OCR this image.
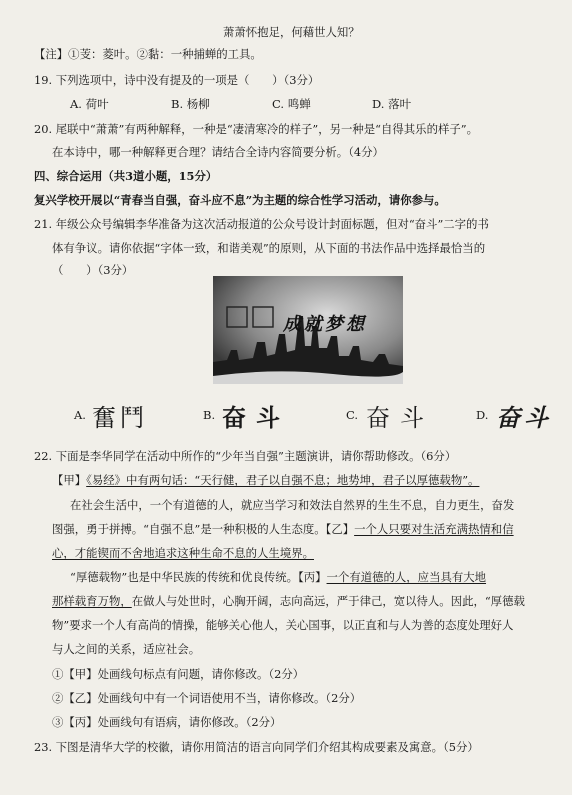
萧萧怀抱足，何藉世人知？
【注】①芰：菱叶。②黏：一种捕蝉的工具。
19. 下列选项中，诗中没有提及的一项是（　　）（3分）
A. 荷叶	B. 杨柳	C. 鸣蝉	D. 落叶
20. 尾联中“萧萧”有两种解释，一种是“凄清寒冷的样子”，另一种是“自得其乐的样子”。
在本诗中，哪一种解释更合理？请结合全诗内容简要分析。（4分）
四、综合运用（共3道小题，15分）
复兴学校开展以“青春当自强，奋斗应不息”为主题的综合性学习活动，请你参与。
21. 年级公众号编辑李华准备为这次活动报道的公众号设计封面标题，但对“奋斗”二字的书
体有争议。请你依据“字体一致，和谐美观”的原则，从下面的书法作品中选择最恰当的
（　　）（3分）
成就梦想
A. 奮鬥	B. 奋斗	C. 奋斗	D. 奋斗
22. 下面是李华同学在活动中所作的“少年当自强”主题演讲，请你帮助修改。（6分）
【甲】《易经》中有两句话：“天行健，君子以自强不息；地势坤，君子以厚德载物”。
在社会生活中，一个有道德的人，就应当学习和效法自然界的生生不息，自力更生，奋发
图强，勇于拼搏。“自强不息”是一种积极的人生态度。【乙】一个人只要对生活充满热情和信
心，才能锲而不舍地追求这种生命不息的人生境界。
“厚德载物”也是中华民族的传统和优良传统。【丙】一个有道德的人，应当具有大地
那样载育万物，在做人与处世时，心胸开阔，志向高远，严于律己，宽以待人。因此，“厚德载
物”要求一个人有高尚的情操，能够关心他人，关心国事，以正直和与人为善的态度处理好人
与人之间的关系，适应社会。
①【甲】处画线句标点有问题，请你修改。（2分）
②【乙】处画线句中有一个词语使用不当，请你修改。（2分）
③【丙】处画线句有语病，请你修改。（2分）
23. 下图是清华大学的校徽，请你用简洁的语言向同学们介绍其构成要素及寓意。（5分）
